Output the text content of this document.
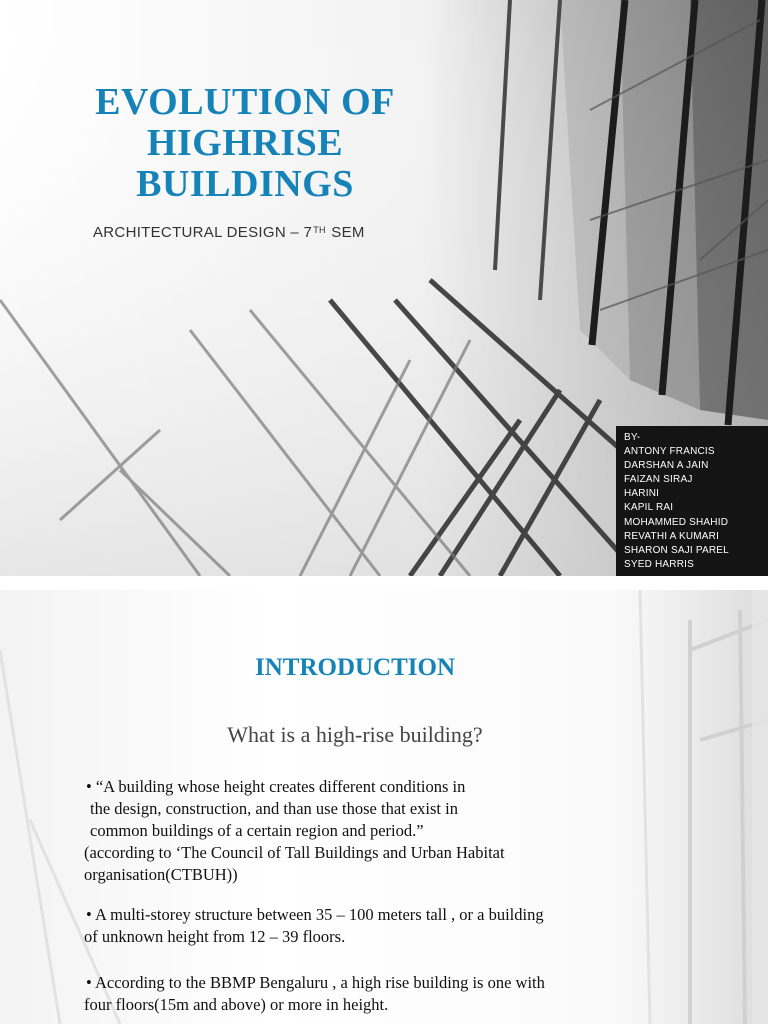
EVOLUTION OF
HIGHRISE
BUILDINGS
ARCHITECTURAL DESIGN – 7TH SEM
BY-
ANTONY FRANCIS
DARSHAN A JAIN
FAIZAN SIRAJ
HARINI
KAPIL RAI
MOHAMMED SHAHID
REVATHI A KUMARI
SHARON SAJI PAREL
SYED HARRIS
INTRODUCTION
What is a high-rise building?
• “A building whose height creates different conditions in
the design, construction, and than use those that exist in
common buildings of a certain region and period.”
(according to ‘The Council of Tall Buildings and Urban Habitat
organisation(CTBUH))
• A multi-storey structure between 35 – 100 meters tall , or a building
of unknown height from 12 – 39 floors.
• According to the BBMP Bengaluru , a high rise building is one with
four floors(15m and above) or more in height.
